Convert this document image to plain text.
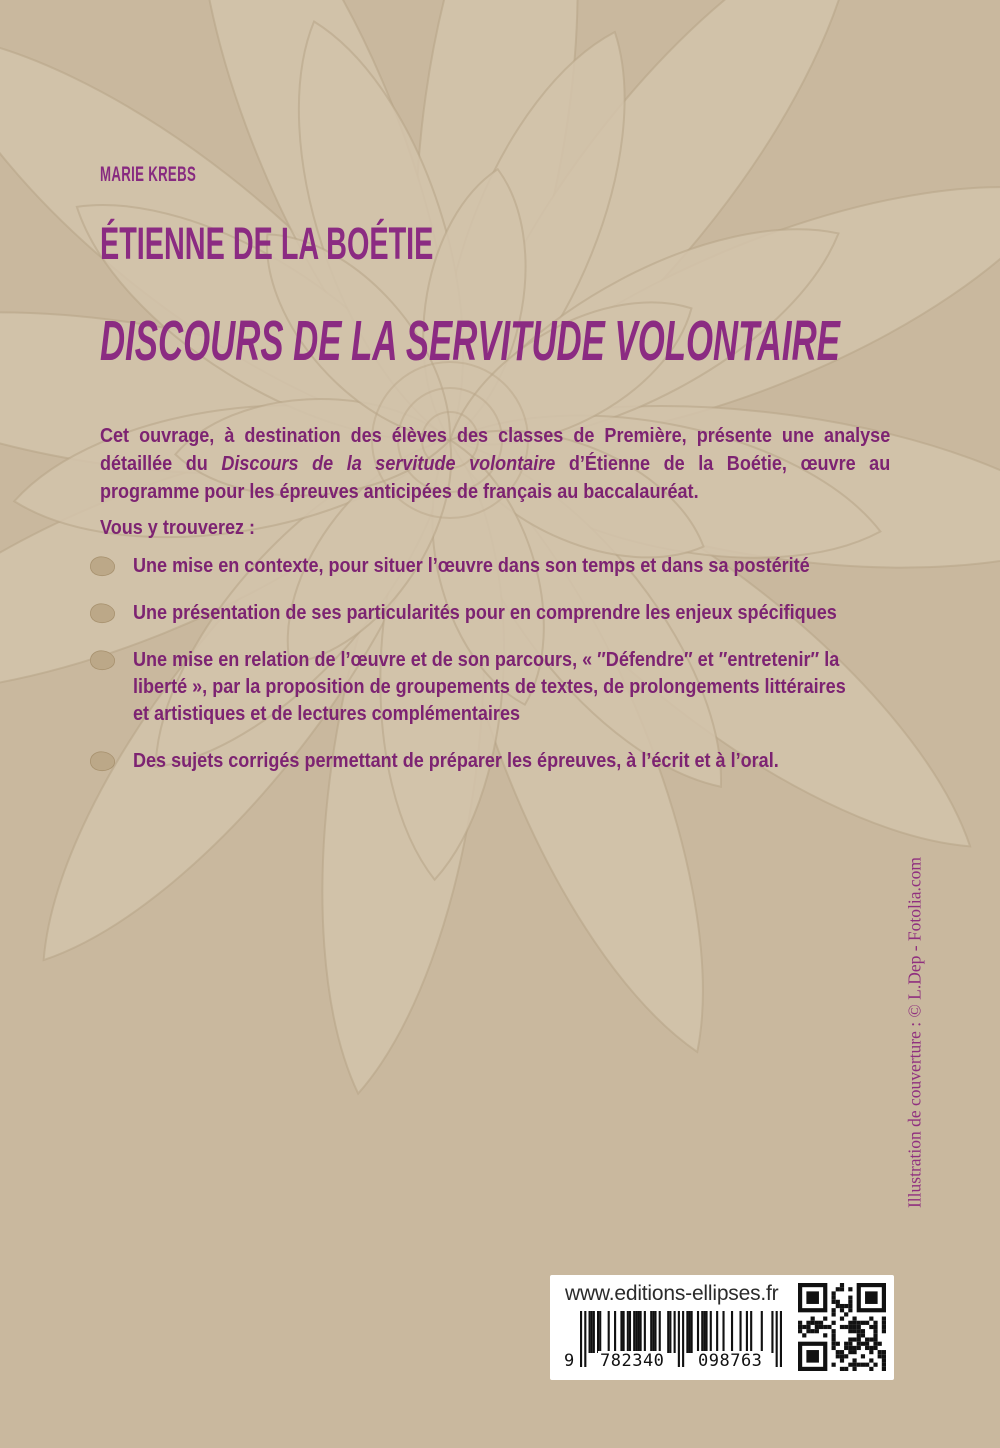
MARIE KREBS
ÉTIENNE DE LA BOÉTIE
DISCOURS DE LA SERVITUDE VOLONTAIRE
Cet ouvrage, à destination des élèves des classes de Première, présente une analyse détaillée du Discours de la servitude volontaire d’Étienne de la Boétie, œuvre au programme pour les épreuves anticipées de français au baccalauréat.
Vous y trouverez :
Une mise en contexte, pour situer l’œuvre dans son temps et dans sa postérité
Une présentation de ses particularités pour en comprendre les enjeux spécifiques
Une mise en relation de l’œuvre et de son parcours, « ″Défendre″ et ″entretenir″ la liberté », par la proposition de groupements de textes, de prolongements littéraires et artistiques et de lectures complémentaires
Des sujets corrigés permettant de préparer les épreuves, à l’écrit et à l’oral.
Illustration de couverture : © L.Dep - Fotolia.com
www.editions-ellipses.fr
9 782340 098763
